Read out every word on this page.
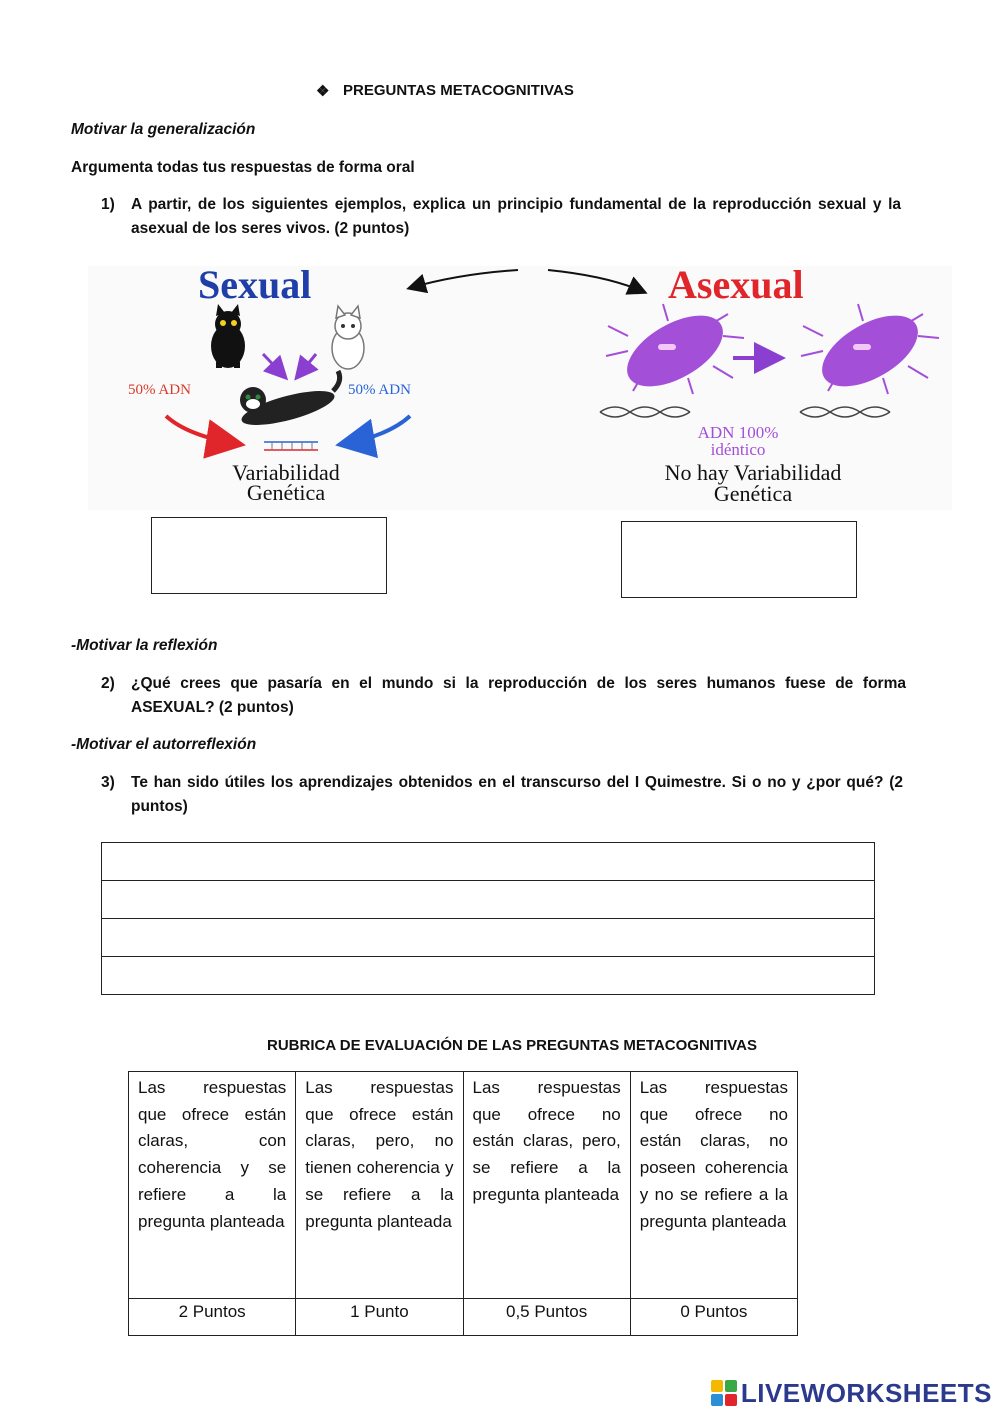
❖ PREGUNTAS METACOGNITIVAS
Motivar la generalización
Argumenta todas tus respuestas de forma oral
1) A partir, de los siguientes ejemplos, explica un principio fundamental de la reproducción sexual y la asexual de los seres vivos. (2 puntos)
Sexual	Asexual
50% ADN	50% ADN
Variabilidad
Genética
ADN 100%
idéntico
No hay Variabilidad
Genética
-Motivar la reflexión
2) ¿Qué crees que pasaría en el mundo si la reproducción de los seres humanos fuese de forma ASEXUAL? (2 puntos)
-Motivar el autorreflexión
3) Te han sido útiles los aprendizajes obtenidos en el transcurso del I Quimestre. Si o no y ¿por qué? (2 puntos)
RUBRICA DE EVALUACIÓN DE LAS PREGUNTAS METACOGNITIVAS
Las respuestas que ofrece están claras, con coherencia y se refiere a la pregunta planteada	Las respuestas que ofrece están claras, pero, no tienen coherencia y se refiere a la pregunta planteada	Las respuestas que ofrece no están claras, pero, se refiere a la pregunta planteada	Las respuestas que ofrece no están claras, no poseen coherencia y no se refiere a la pregunta planteada
2 Puntos	1 Punto	0,5 Puntos	0 Puntos
LIVEWORKSHEETS
